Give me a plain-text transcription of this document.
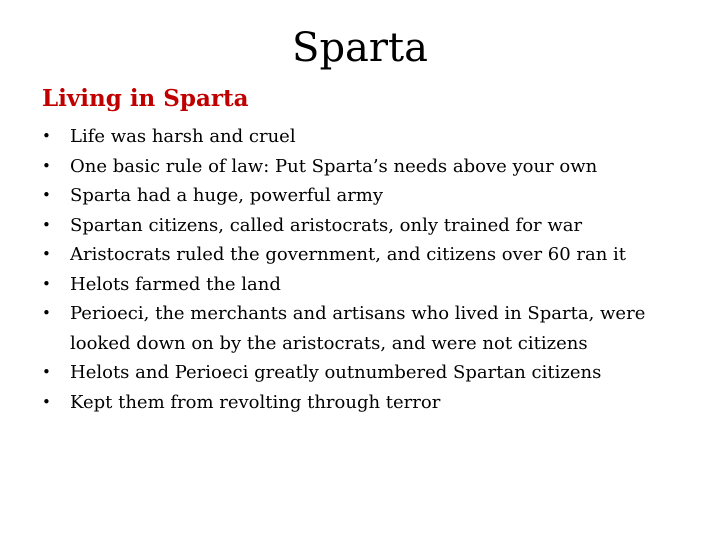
Sparta
Living in Sparta
• Life was harsh and cruel
• One basic rule of law: Put Sparta’s needs above your own
• Sparta had a huge, powerful army
• Spartan citizens, called aristocrats, only trained for war
• Aristocrats ruled the government, and citizens over 60 ran it
• Helots farmed the land
• Perioeci, the merchants and artisans who lived in Sparta, were looked down on by the aristocrats, and were not citizens
• Helots and Perioeci greatly outnumbered Spartan citizens
• Kept them from revolting through terror
